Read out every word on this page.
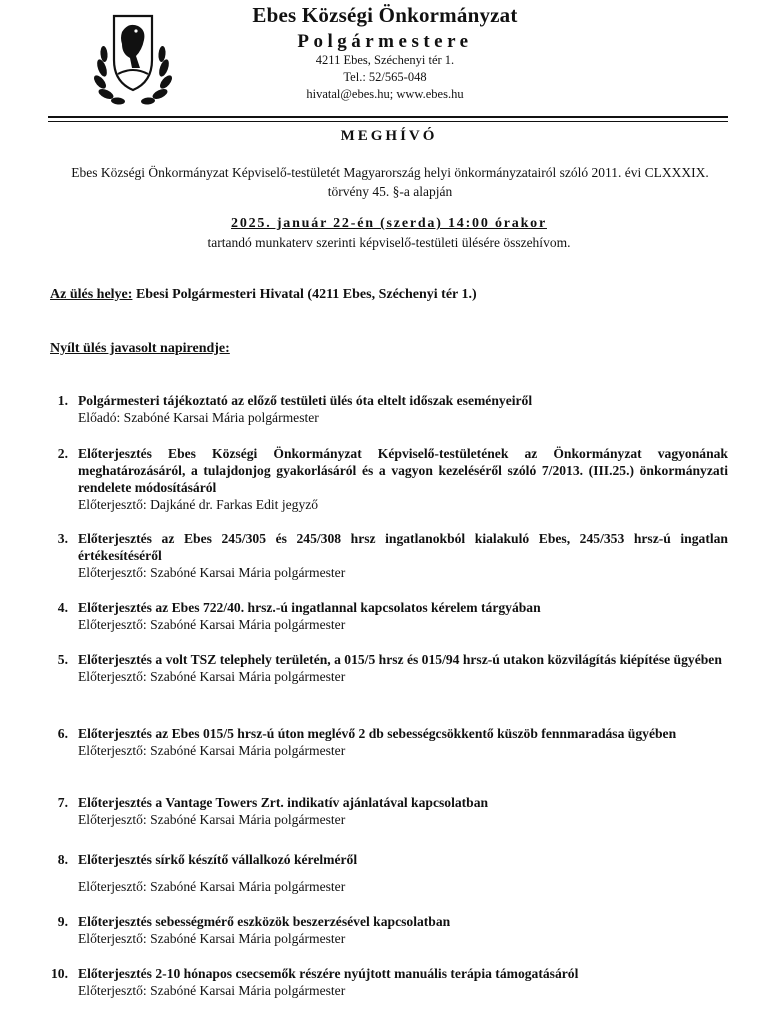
Ebes Községi Önkormányzat
Polgármestere
4211 Ebes, Széchenyi tér 1.
Tel.: 52/565-048
hivatal@ebes.hu; www.ebes.hu
MEGHÍVÓ
Ebes Községi Önkormányzat Képviselő-testületét Magyarország helyi önkormányzatairól szóló 2011. évi CLXXXIX. törvény 45. §-a alapján
2025. január 22-én (szerda) 14:00 órakor
tartandó munkaterv szerinti képviselő-testületi ülésére összehívom.
Az ülés helye: Ebesi Polgármesteri Hivatal (4211 Ebes, Széchenyi tér 1.)
Nyílt ülés javasolt napirendje:
1. Polgármesteri tájékoztató az előző testületi ülés óta eltelt időszak eseményeiről
Előadó: Szabóné Karsai Mária polgármester
2. Előterjesztés Ebes Községi Önkormányzat Képviselő-testületének az Önkormányzat vagyonának meghatározásáról, a tulajdonjog gyakorlásáról és a vagyon kezeléséről szóló 7/2013. (III.25.) önkormányzati rendelete módosításáról
Előterjesztő: Dajkáné dr. Farkas Edit jegyző
3. Előterjesztés az Ebes 245/305 és 245/308 hrsz ingatlanokból kialakuló Ebes, 245/353 hrsz-ú ingatlan értékesítéséről
Előterjesztő: Szabóné Karsai Mária polgármester
4. Előterjesztés az Ebes 722/40. hrsz.-ú ingatlannal kapcsolatos kérelem tárgyában
Előterjesztő: Szabóné Karsai Mária polgármester
5. Előterjesztés a volt TSZ telephely területén, a 015/5 hrsz és 015/94 hrsz-ú utakon közvilágítás kiépítése ügyében
Előterjesztő: Szabóné Karsai Mária polgármester
6. Előterjesztés az Ebes 015/5 hrsz-ú úton meglévő 2 db sebességcsökkentő küszöb fennmaradása ügyében
Előterjesztő: Szabóné Karsai Mária polgármester
7. Előterjesztés a Vantage Towers Zrt. indikatív ajánlatával kapcsolatban
Előterjesztő: Szabóné Karsai Mária polgármester
8. Előterjesztés sírkő készítő vállalkozó kérelméről
Előterjesztő: Szabóné Karsai Mária polgármester
9. Előterjesztés sebességmérő eszközök beszerzésével kapcsolatban
Előterjesztő: Szabóné Karsai Mária polgármester
10. Előterjesztés 2-10 hónapos csecsemők részére nyújtott manuális terápia támogatásáról
Előterjesztő: Szabóné Karsai Mária polgármester
